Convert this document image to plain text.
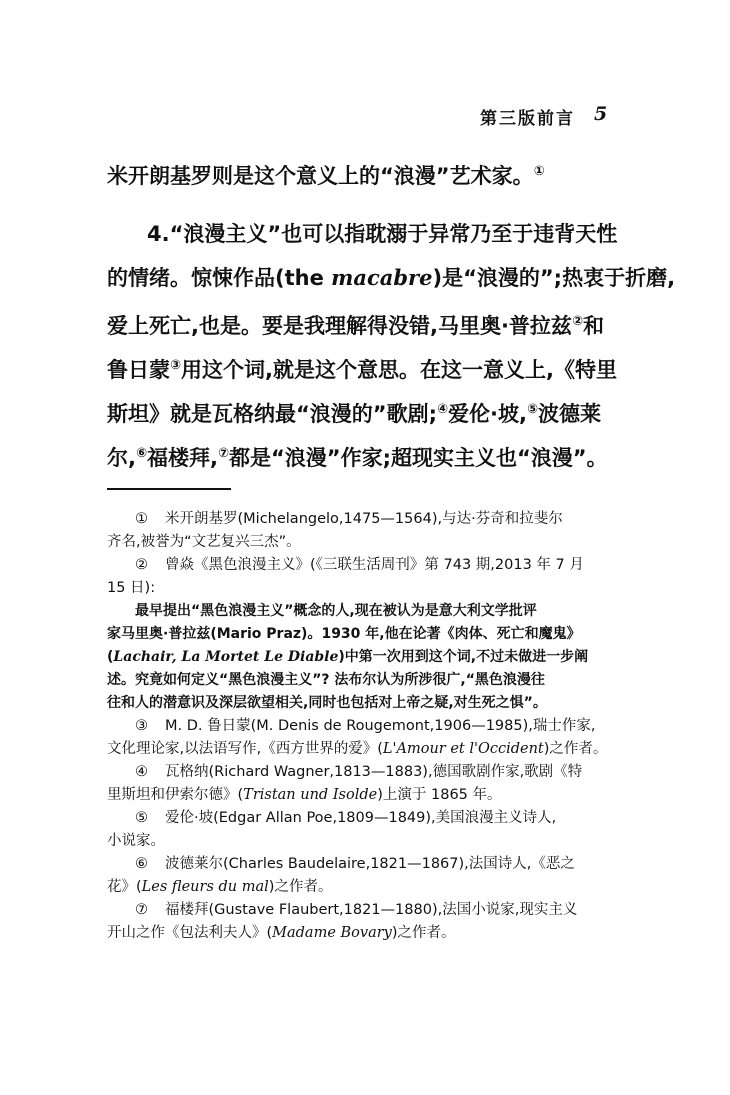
第三版前言 5

米开朗基罗则是这个意义上的“浪漫”艺术家。①

4.“浪漫主义”也可以指耽溺于异常乃至于违背天性
的情绪。惊悚作品(the macabre)是“浪漫的”;热衷于折磨,
爱上死亡,也是。要是我理解得没错,马里奥·普拉兹②和
鲁日蒙③用这个词,就是这个意思。在这一意义上,《特里
斯坦》就是瓦格纳最“浪漫的”歌剧;④爱伦·坡,⑤波德莱
尔,⑥福楼拜,⑦都是“浪漫”作家;超现实主义也“浪漫”。

① 米开朗基罗(Michelangelo,1475—1564),与达·芬奇和拉斐尔
齐名,被誉为“文艺复兴三杰”。
② 曾焱《黑色浪漫主义》(《三联生活周刊》第 743 期,2013 年 7 月
15 日):
最早提出“黑色浪漫主义”概念的人,现在被认为是意大利文学批评
家马里奥·普拉兹(Mario Praz)。1930 年,他在论著《肉体、死亡和魔鬼》
(Lachair, La Mortet Le Diable)中第一次用到这个词,不过未做进一步阐
述。究竟如何定义“黑色浪漫主义”? 法布尔认为所涉很广,“黑色浪漫往
往和人的潜意识及深层欲望相关,同时也包括对上帝之疑,对生死之惧”。
③ M. D. 鲁日蒙(M. Denis de Rougemont,1906—1985),瑞士作家,
文化理论家,以法语写作,《西方世界的爱》(L'Amour et l'Occident)之作者。
④ 瓦格纳(Richard Wagner,1813—1883),德国歌剧作家,歌剧《特
里斯坦和伊索尔德》(Tristan und Isolde)上演于 1865 年。
⑤ 爱伦·坡(Edgar Allan Poe,1809—1849),美国浪漫主义诗人,
小说家。
⑥ 波德莱尔(Charles Baudelaire,1821—1867),法国诗人,《恶之
花》(Les fleurs du mal)之作者。
⑦ 福楼拜(Gustave Flaubert,1821—1880),法国小说家,现实主义
开山之作《包法利夫人》(Madame Bovary)之作者。
